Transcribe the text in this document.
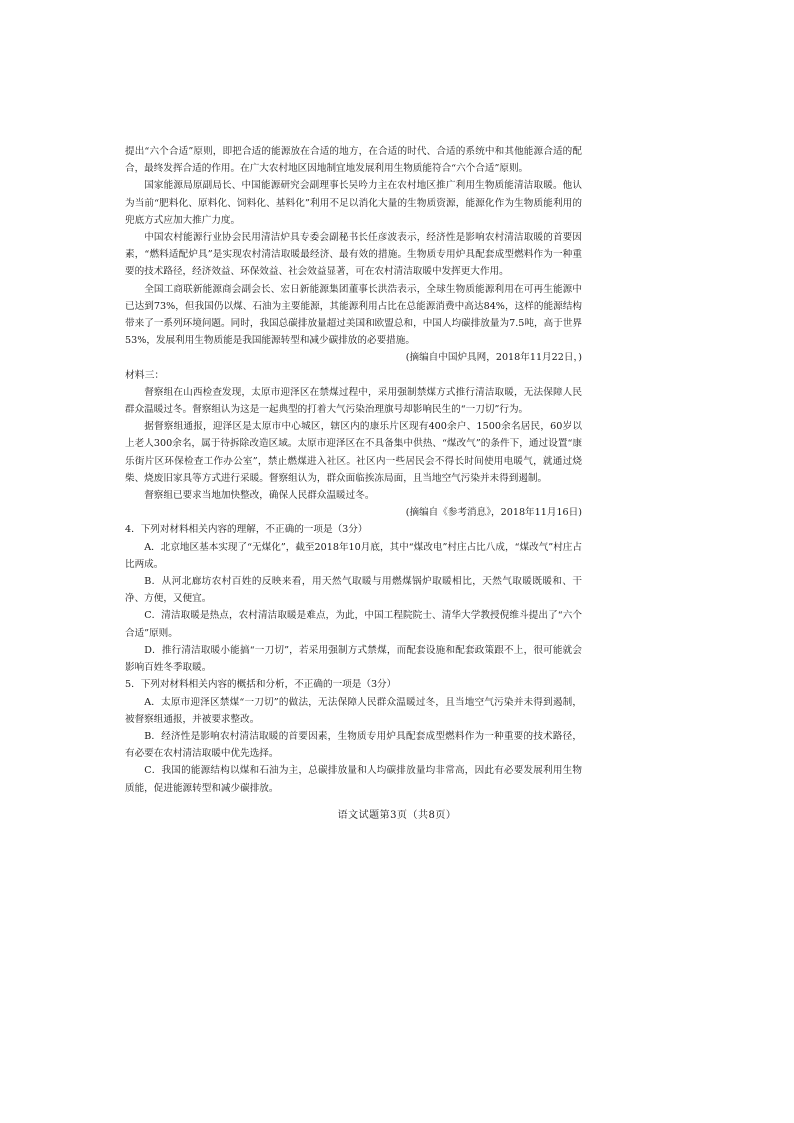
提出“六个合适”原则，即把合适的能源放在合适的地方，在合适的时代、合适的系统中和其他能源合适的配合，最终发挥合适的作用。在广大农村地区因地制宜地发展利用生物质能符合“六个合适”原则。

国家能源局原副局长、中国能源研究会副理事长吴吟力主在农村地区推广利用生物质能清洁取暖。他认为当前“肥料化、原料化、饲料化、基料化”利用不足以消化大量的生物质资源，能源化作为生物质能利用的兜底方式应加大推广力度。

中国农村能源行业协会民用清洁炉具专委会副秘书长任彦波表示，经济性是影响农村清洁取暖的首要因素，“燃料适配炉具”是实现农村清洁取暖最经济、最有效的措施。生物质专用炉具配套成型燃料作为一种重要的技术路径，经济效益、环保效益、社会效益显著，可在农村清洁取暖中发挥更大作用。

全国工商联新能源商会副会长、宏日新能源集团董事长洪浩表示，全球生物质能源利用在可再生能源中已达到73%，但我国仍以煤、石油为主要能源，其能源利用占比在总能源消费中高达84%，这样的能源结构带来了一系列环境问题。同时，我国总碳排放量超过美国和欧盟总和，中国人均碳排放量为7.5吨，高于世界53%，发展利用生物质能是我国能源转型和减少碳排放的必要措施。

(摘编自中国炉具网，2018年11月22日，)

材料三：

督察组在山西检查发现，太原市迎泽区在禁煤过程中，采用强制禁煤方式推行清洁取暖，无法保障人民群众温暖过冬。督察组认为这是一起典型的打着大气污染治理旗号却影响民生的“一刀切”行为。

据督察组通报，迎泽区是太原市中心城区，辖区内的康乐片区现有400余户、1500余名居民，60岁以上老人300余名，属于待拆除改造区域。太原市迎泽区在不具备集中供热、“煤改气”的条件下，通过设置“康乐街片区环保检查工作办公室”，禁止燃煤进入社区。社区内一些居民会不得长时间使用电暖气，就通过烧柴、烧废旧家具等方式进行采暖。督察组认为，群众面临挨冻局面，且当地空气污染并未得到遏制。

督察组已要求当地加快整改，确保人民群众温暖过冬。

(摘编自《参考消息》，2018年11月16日)

4．下列对材料相关内容的理解，不正确的一项是（3分）

A．北京地区基本实现了“无煤化”，截至2018年10月底，其中“煤改电”村庄占比八成，“煤改气”村庄占比两成。

B．从河北廊坊农村百姓的反映来看，用天然气取暖与用燃煤锅炉取暖相比，天然气取暖既暖和、干净、方便，又便宜。

C．清洁取暖是热点，农村清洁取暖是难点，为此，中国工程院院士、清华大学教授倪维斗提出了“六个合适”原则。

D．推行清洁取暖小能搞“一刀切”，若采用强制方式禁煤，而配套设施和配套政策跟不上，很可能就会影响百姓冬季取暖。

5．下列对材料相关内容的概括和分析，不正确的一项是（3分）

A．太原市迎泽区禁煤“一刀切”的做法，无法保障人民群众温暖过冬，且当地空气污染并未得到遏制，被督察组通报，并被要求整改。

B．经济性是影响农村清洁取暖的首要因素，生物质专用炉具配套成型燃料作为一种重要的技术路径，有必要在农村清洁取暖中优先选择。

C．我国的能源结构以煤和石油为主，总碳排放量和人均碳排放量均非常高，因此有必要发展利用生物质能，促进能源转型和减少碳排放。

语文试题第3页（共8页）
